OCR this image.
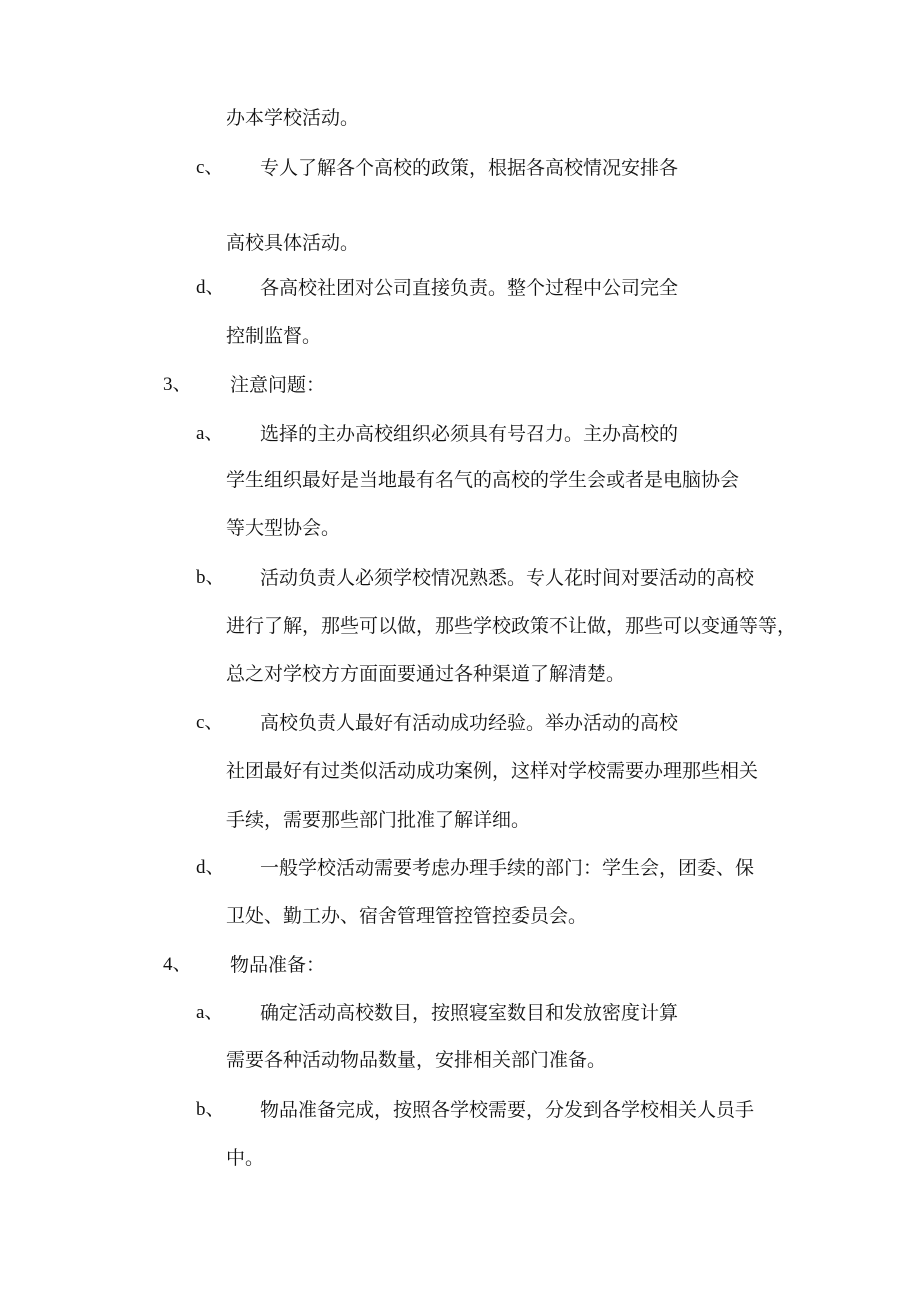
办本学校活动。
c、 专人了解各个高校的政策，根据各高校情况安排各
高校具体活动。
d、 各高校社团对公司直接负责。整个过程中公司完全
控制监督。
3、 注意问题：
a、 选择的主办高校组织必须具有号召力。主办高校的
学生组织最好是当地最有名气的高校的学生会或者是电脑协会
等大型协会。
b、 活动负责人必须学校情况熟悉。专人花时间对要活动的高校
进行了解，那些可以做，那些学校政策不让做，那些可以变通等等，
总之对学校方方面面要通过各种渠道了解清楚。
c、 高校负责人最好有活动成功经验。举办活动的高校
社团最好有过类似活动成功案例，这样对学校需要办理那些相关
手续，需要那些部门批准了解详细。
d、 一般学校活动需要考虑办理手续的部门：学生会，团委、保
卫处、勤工办、宿舍管理管控管控委员会。
4、 物品准备：
a、 确定活动高校数目，按照寝室数目和发放密度计算
需要各种活动物品数量，安排相关部门准备。
b、 物品准备完成，按照各学校需要，分发到各学校相关人员手
中。
